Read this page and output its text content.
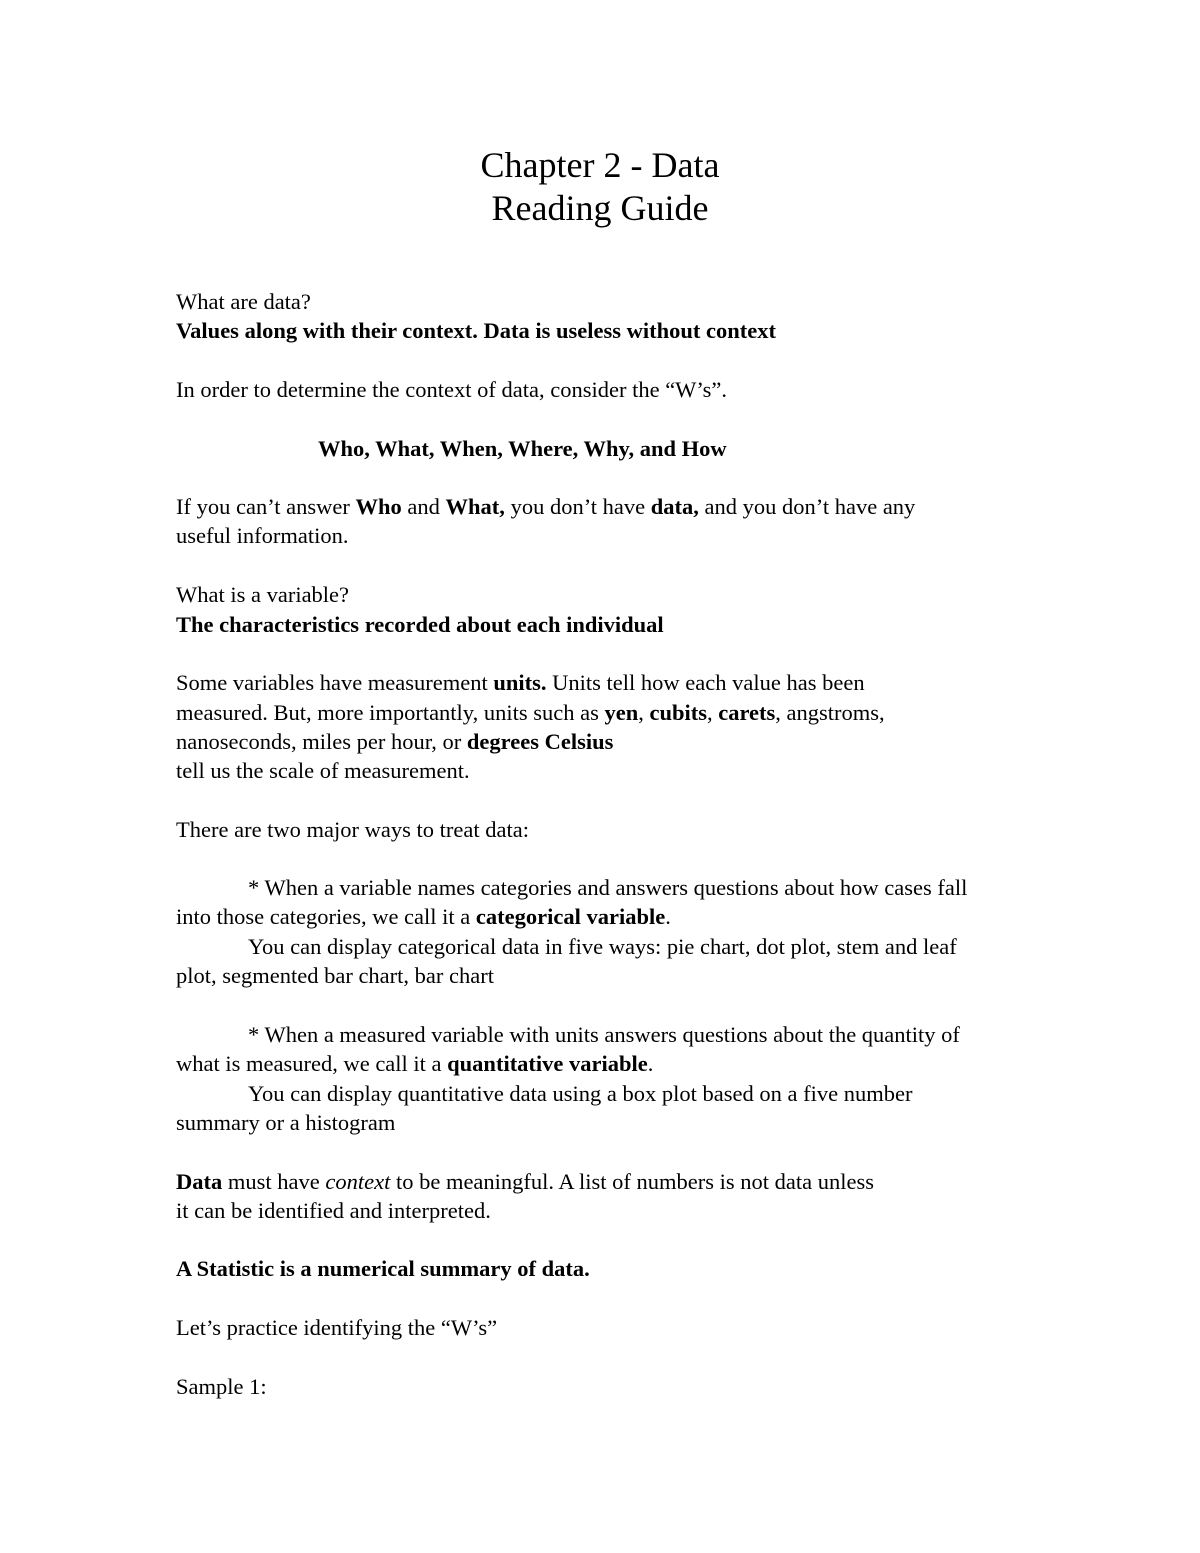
Chapter 2 - Data
Reading Guide
What are data?
Values along with their context. Data is useless without context
In order to determine the context of data, consider the “W’s”.
Who, What, When, Where, Why, and How
If you can’t answer Who and What, you don’t have data, and you don’t have any
useful information.
What is a variable?
The characteristics recorded about each individual
Some variables have measurement units. Units tell how each value has been
measured. But, more importantly, units such as yen, cubits, carets, angstroms,
nanoseconds, miles per hour, or degrees Celsius
tell us the scale of measurement.
There are two major ways to treat data:
* When a variable names categories and answers questions about how cases fall
into those categories, we call it a categorical variable.
You can display categorical data in five ways: pie chart, dot plot, stem and leaf
plot, segmented bar chart, bar chart
* When a measured variable with units answers questions about the quantity of
what is measured, we call it a quantitative variable.
You can display quantitative data using a box plot based on a five number
summary or a histogram
Data must have context to be meaningful. A list of numbers is not data unless
it can be identified and interpreted.
A Statistic is a numerical summary of data.
Let’s practice identifying the “W’s”
Sample 1:
